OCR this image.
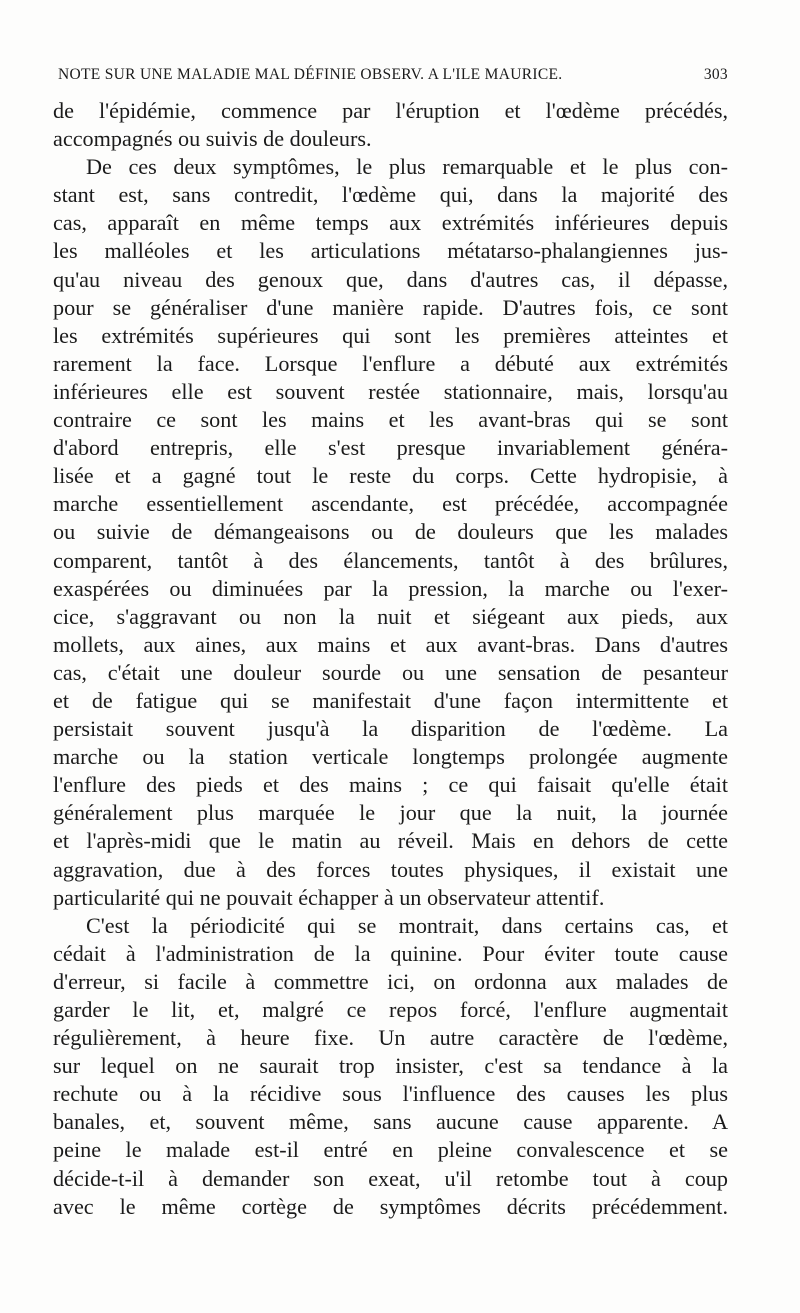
NOTE SUR UNE MALADIE MAL DÉFINIE OBSERV. A L'ILE MAURICE.	303
de l'épidémie, commence par l'éruption et l'œdème précédés,
accompagnés ou suivis de douleurs.
De ces deux symptômes, le plus remarquable et le plus con-
stant est, sans contredit, l'œdème qui, dans la majorité des
cas, apparaît en même temps aux extrémités inférieures depuis
les malléoles et les articulations métatarso-phalangiennes jus-
qu'au niveau des genoux que, dans d'autres cas, il dépasse,
pour se généraliser d'une manière rapide. D'autres fois, ce sont
les extrémités supérieures qui sont les premières atteintes et
rarement la face. Lorsque l'enflure a débuté aux extrémités
inférieures elle est souvent restée stationnaire, mais, lorsqu'au
contraire ce sont les mains et les avant-bras qui se sont
d'abord entrepris, elle s'est presque invariablement généra-
lisée et a gagné tout le reste du corps. Cette hydropisie, à
marche essentiellement ascendante, est précédée, accompagnée
ou suivie de démangeaisons ou de douleurs que les malades
comparent, tantôt à des élancements, tantôt à des brûlures,
exaspérées ou diminuées par la pression, la marche ou l'exer-
cice, s'aggravant ou non la nuit et siégeant aux pieds, aux
mollets, aux aines, aux mains et aux avant-bras. Dans d'autres
cas, c'était une douleur sourde ou une sensation de pesanteur
et de fatigue qui se manifestait d'une façon intermittente et
persistait souvent jusqu'à la disparition de l'œdème. La
marche ou la station verticale longtemps prolongée augmente
l'enflure des pieds et des mains ; ce qui faisait qu'elle était
généralement plus marquée le jour que la nuit, la journée
et l'après-midi que le matin au réveil. Mais en dehors de cette
aggravation, due à des forces toutes physiques, il existait une
particularité qui ne pouvait échapper à un observateur attentif.
C'est la périodicité qui se montrait, dans certains cas, et
cédait à l'administration de la quinine. Pour éviter toute cause
d'erreur, si facile à commettre ici, on ordonna aux malades de
garder le lit, et, malgré ce repos forcé, l'enflure augmentait
régulièrement, à heure fixe. Un autre caractère de l'œdème,
sur lequel on ne saurait trop insister, c'est sa tendance à la
rechute ou à la récidive sous l'influence des causes les plus
banales, et, souvent même, sans aucune cause apparente. A
peine le malade est-il entré en pleine convalescence et se
décide-t-il à demander son exeat, u'il retombe tout à coup
avec le même cortège de symptômes décrits précédemment.
